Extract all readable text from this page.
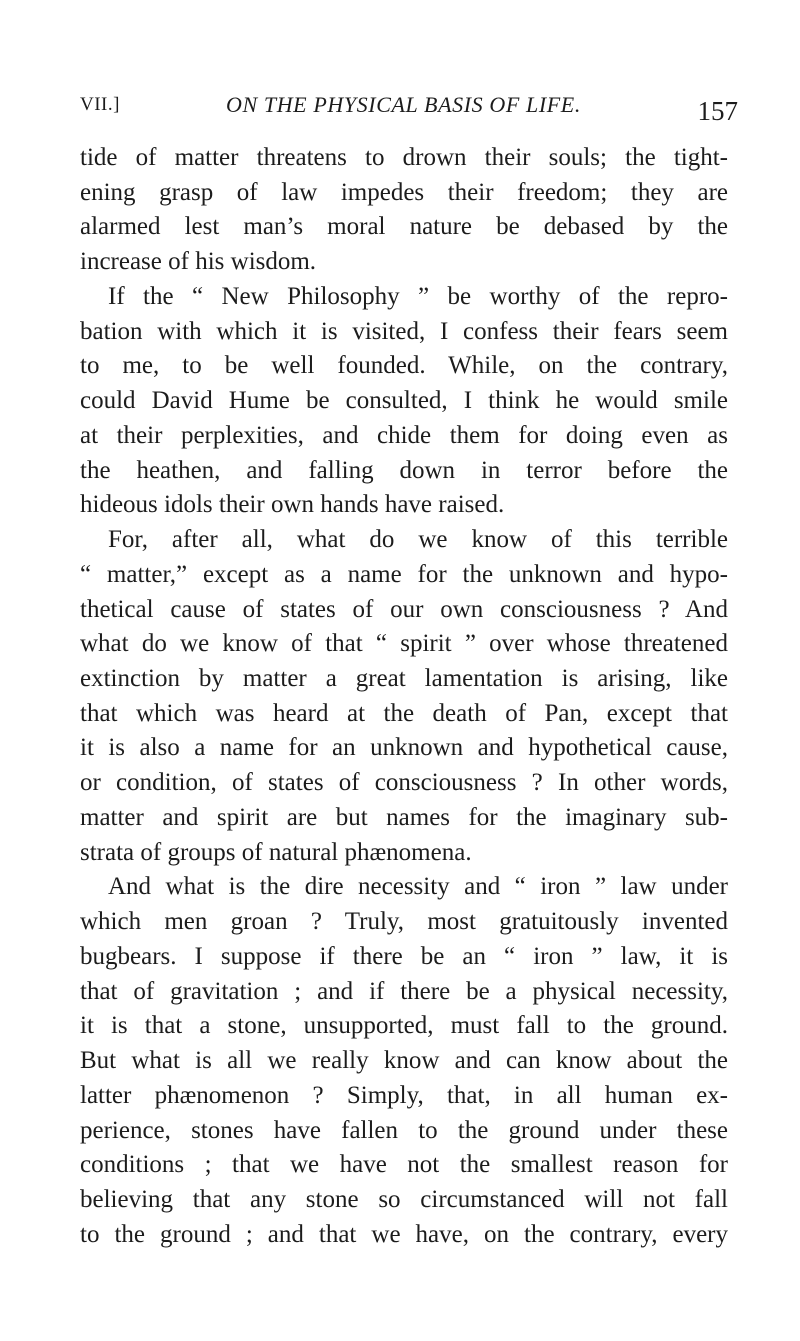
VII.]	ON THE PHYSICAL BASIS OF LIFE.	157
tide of matter threatens to drown their souls; the tight-
ening grasp of law impedes their freedom; they are
alarmed lest man’s moral nature be debased by the
increase of his wisdom.
If the “ New Philosophy ” be worthy of the repro-
bation with which it is visited, I confess their fears seem
to me, to be well founded. While, on the contrary,
could David Hume be consulted, I think he would smile
at their perplexities, and chide them for doing even as
the heathen, and falling down in terror before the
hideous idols their own hands have raised.
For, after all, what do we know of this terrible
“ matter,” except as a name for the unknown and hypo-
thetical cause of states of our own consciousness ? And
what do we know of that “ spirit ” over whose threatened
extinction by matter a great lamentation is arising, like
that which was heard at the death of Pan, except that
it is also a name for an unknown and hypothetical cause,
or condition, of states of consciousness ? In other words,
matter and spirit are but names for the imaginary sub-
strata of groups of natural phænomena.
And what is the dire necessity and “ iron ” law under
which men groan ? Truly, most gratuitously invented
bugbears. I suppose if there be an “ iron ” law, it is
that of gravitation ; and if there be a physical necessity,
it is that a stone, unsupported, must fall to the ground.
But what is all we really know and can know about the
latter phænomenon ? Simply, that, in all human ex-
perience, stones have fallen to the ground under these
conditions ; that we have not the smallest reason for
believing that any stone so circumstanced will not fall
to the ground ; and that we have, on the contrary, every
